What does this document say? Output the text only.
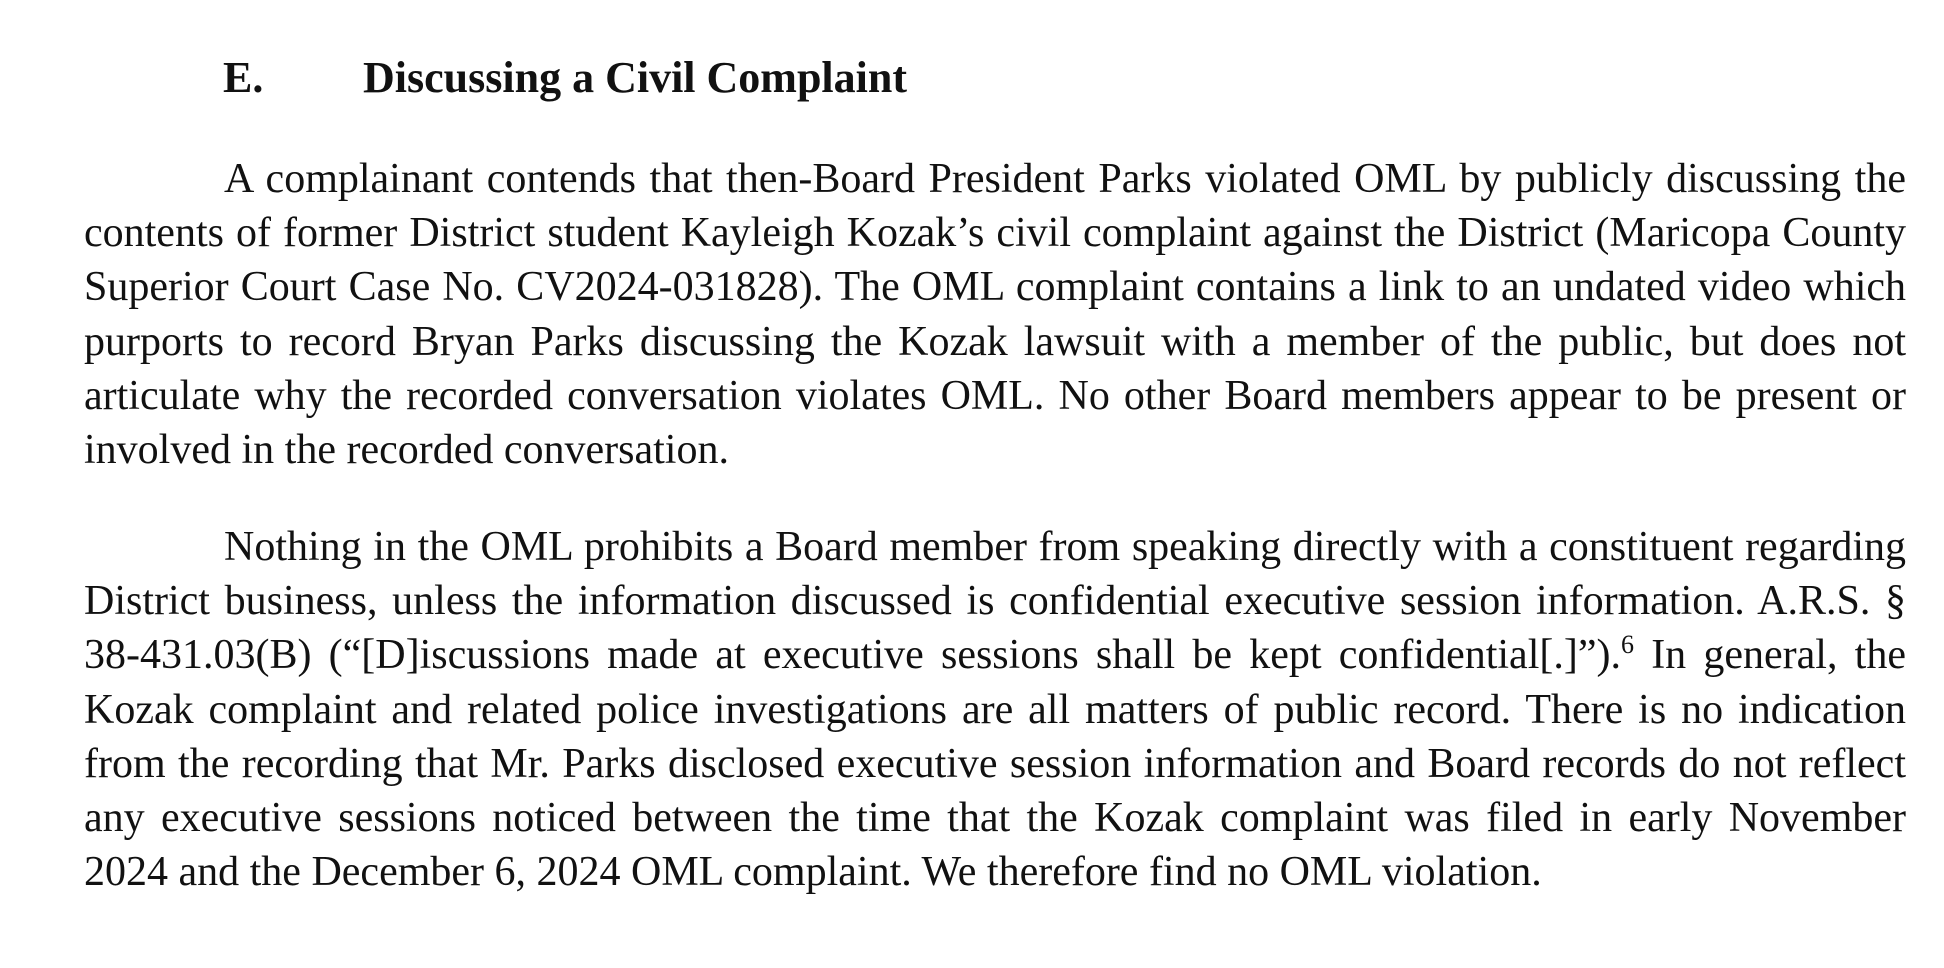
E. Discussing a Civil Complaint

A complainant contends that then-Board President Parks violated OML by publicly discussing the contents of former District student Kayleigh Kozak’s civil complaint against the District (Maricopa County Superior Court Case No. CV2024-031828). The OML complaint contains a link to an undated video which purports to record Bryan Parks discussing the Kozak lawsuit with a member of the public, but does not articulate why the recorded conversation violates OML. No other Board members appear to be present or involved in the recorded conversation.

Nothing in the OML prohibits a Board member from speaking directly with a constituent regarding District business, unless the information discussed is confidential executive session information. A.R.S. § 38-431.03(B) (“[D]iscussions made at executive sessions shall be kept confidential[.]”).$^6$ In general, the Kozak complaint and related police investigations are all matters of public record. There is no indication from the recording that Mr. Parks disclosed executive session information and Board records do not reflect any executive sessions noticed between the time that the Kozak complaint was filed in early November 2024 and the December 6, 2024 OML complaint. We therefore find no OML violation.
